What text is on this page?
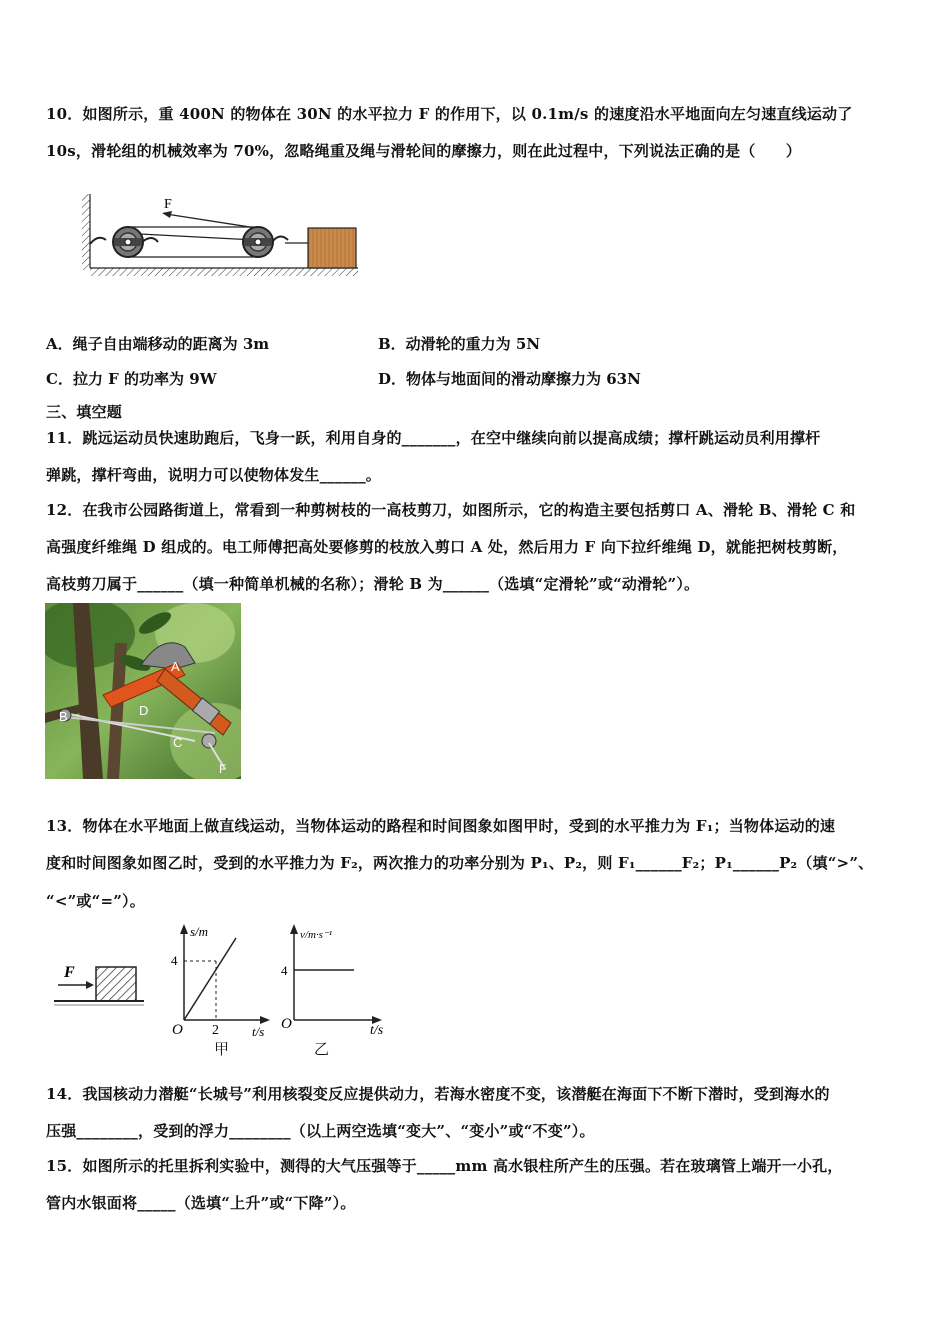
10．如图所示，重 400N 的物体在 30N 的水平拉力 F 的作用下，以 0.1m/s 的速度沿水平地面向左匀速直线运动了
10s，滑轮组的机械效率为 70%，忽略绳重及绳与滑轮间的摩擦力，则在此过程中，下列说法正确的是（　　）
F
A．绳子自由端移动的距离为 3m	B．动滑轮的重力为 5N
C．拉力 F 的功率为 9W	D．物体与地面间的滑动摩擦力为 63N
三、填空题
11．跳远运动员快速助跑后，飞身一跃，利用自身的_______，在空中继续向前以提高成绩；撑杆跳运动员利用撑杆
弹跳，撑杆弯曲，说明力可以使物体发生______。
12．在我市公园路街道上，常看到一种剪树枝的一高枝剪刀，如图所示，它的构造主要包括剪口 A、滑轮 B、滑轮 C 和
高强度纤维绳 D 组成的。电工师傅把高处要修剪的枝放入剪口 A 处，然后用力 F 向下拉纤维绳 D，就能把树枝剪断，
高枝剪刀属于______（填一种简单机械的名称）；滑轮 B 为______（选填“定滑轮”或“动滑轮”）。
A
B	D
C
F
13．物体在水平地面上做直线运动，当物体运动的路程和时间图象如图甲时，受到的水平推力为 F₁；当物体运动的速
度和时间图象如图乙时，受到的水平推力为 F₂，两次推力的功率分别为 P₁、P₂，则 F₁______F₂；P₁______P₂（填“>”、
“<”或“=”）。
F
s/m
4
O 2	t/s
甲
v/m·s⁻¹
4
O	t/s
乙
14．我国核动力潜艇“长城号”利用核裂变反应提供动力，若海水密度不变，该潜艇在海面下不断下潜时，受到海水的
压强________，受到的浮力________（以上两空选填“变大”、“变小”或“不变”）。
15．如图所示的托里拆利实验中，测得的大气压强等于_____mm 高水银柱所产生的压强。若在玻璃管上端开一小孔，
管内水银面将_____（选填“上升”或“下降”）。
